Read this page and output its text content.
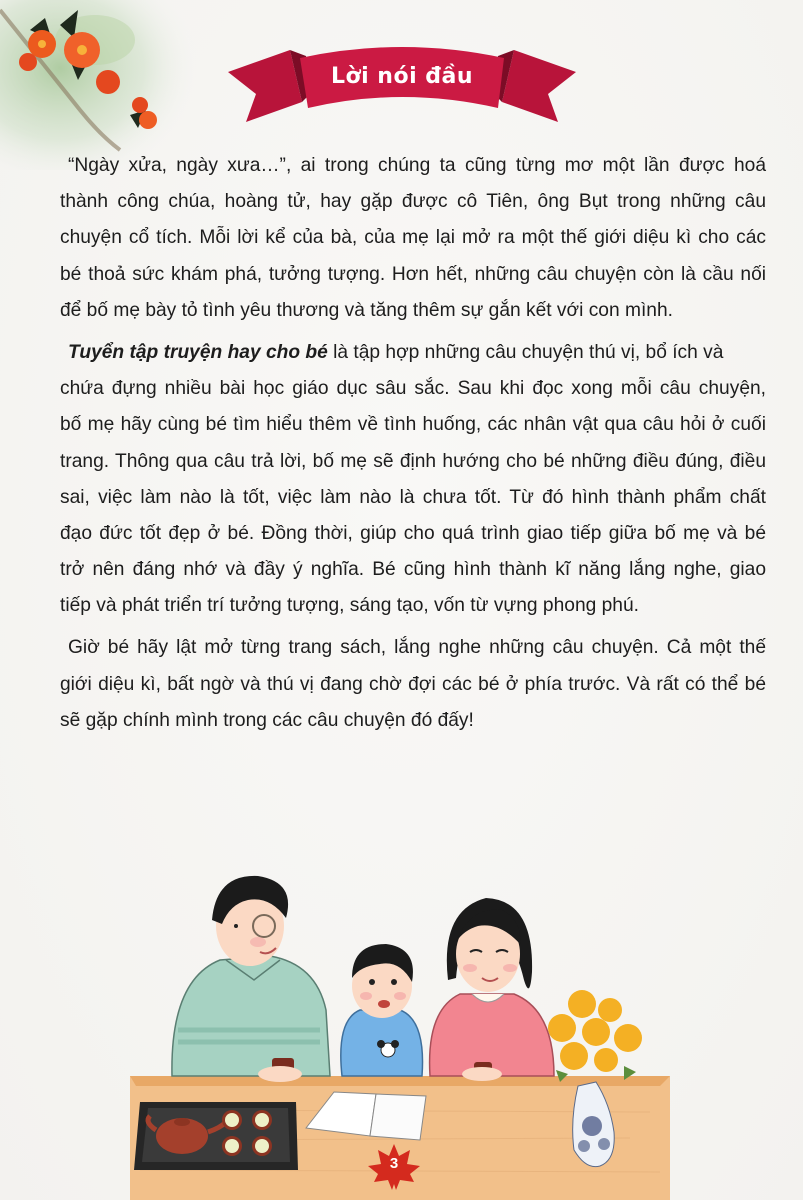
Lời nói đầu
“Ngày xửa, ngày xưa…”, ai trong chúng ta cũng từng mơ một lần được hoá
thành công chúa, hoàng tử, hay gặp được cô Tiên, ông Bụt trong những câu
chuyện cổ tích. Mỗi lời kể của bà, của mẹ lại mở ra một thế giới diệu kì cho các
bé thoả sức khám phá, tưởng tượng. Hơn hết, những câu chuyện còn là cầu nối
để bố mẹ bày tỏ tình yêu thương và tăng thêm sự gắn kết với con mình.
Tuyển tập truyện hay cho bé là tập hợp những câu chuyện thú vị, bổ ích và
chứa đựng nhiều bài học giáo dục sâu sắc. Sau khi đọc xong mỗi câu chuyện,
bố mẹ hãy cùng bé tìm hiểu thêm về tình huống, các nhân vật qua câu hỏi ở cuối
trang. Thông qua câu trả lời, bố mẹ sẽ định hướng cho bé những điều đúng, điều
sai, việc làm nào là tốt, việc làm nào là chưa tốt. Từ đó hình thành phẩm chất
đạo đức tốt đẹp ở bé. Đồng thời, giúp cho quá trình giao tiếp giữa bố mẹ và bé
trở nên đáng nhớ và đầy ý nghĩa. Bé cũng hình thành kĩ năng lắng nghe, giao
tiếp và phát triển trí tưởng tượng, sáng tạo, vốn từ vựng phong phú.
Giờ bé hãy lật mở từng trang sách, lắng nghe những câu chuyện. Cả một thế
giới diệu kì, bất ngờ và thú vị đang chờ đợi các bé ở phía trước. Và rất có thể bé
sẽ gặp chính mình trong các câu chuyện đó đấy!
3
